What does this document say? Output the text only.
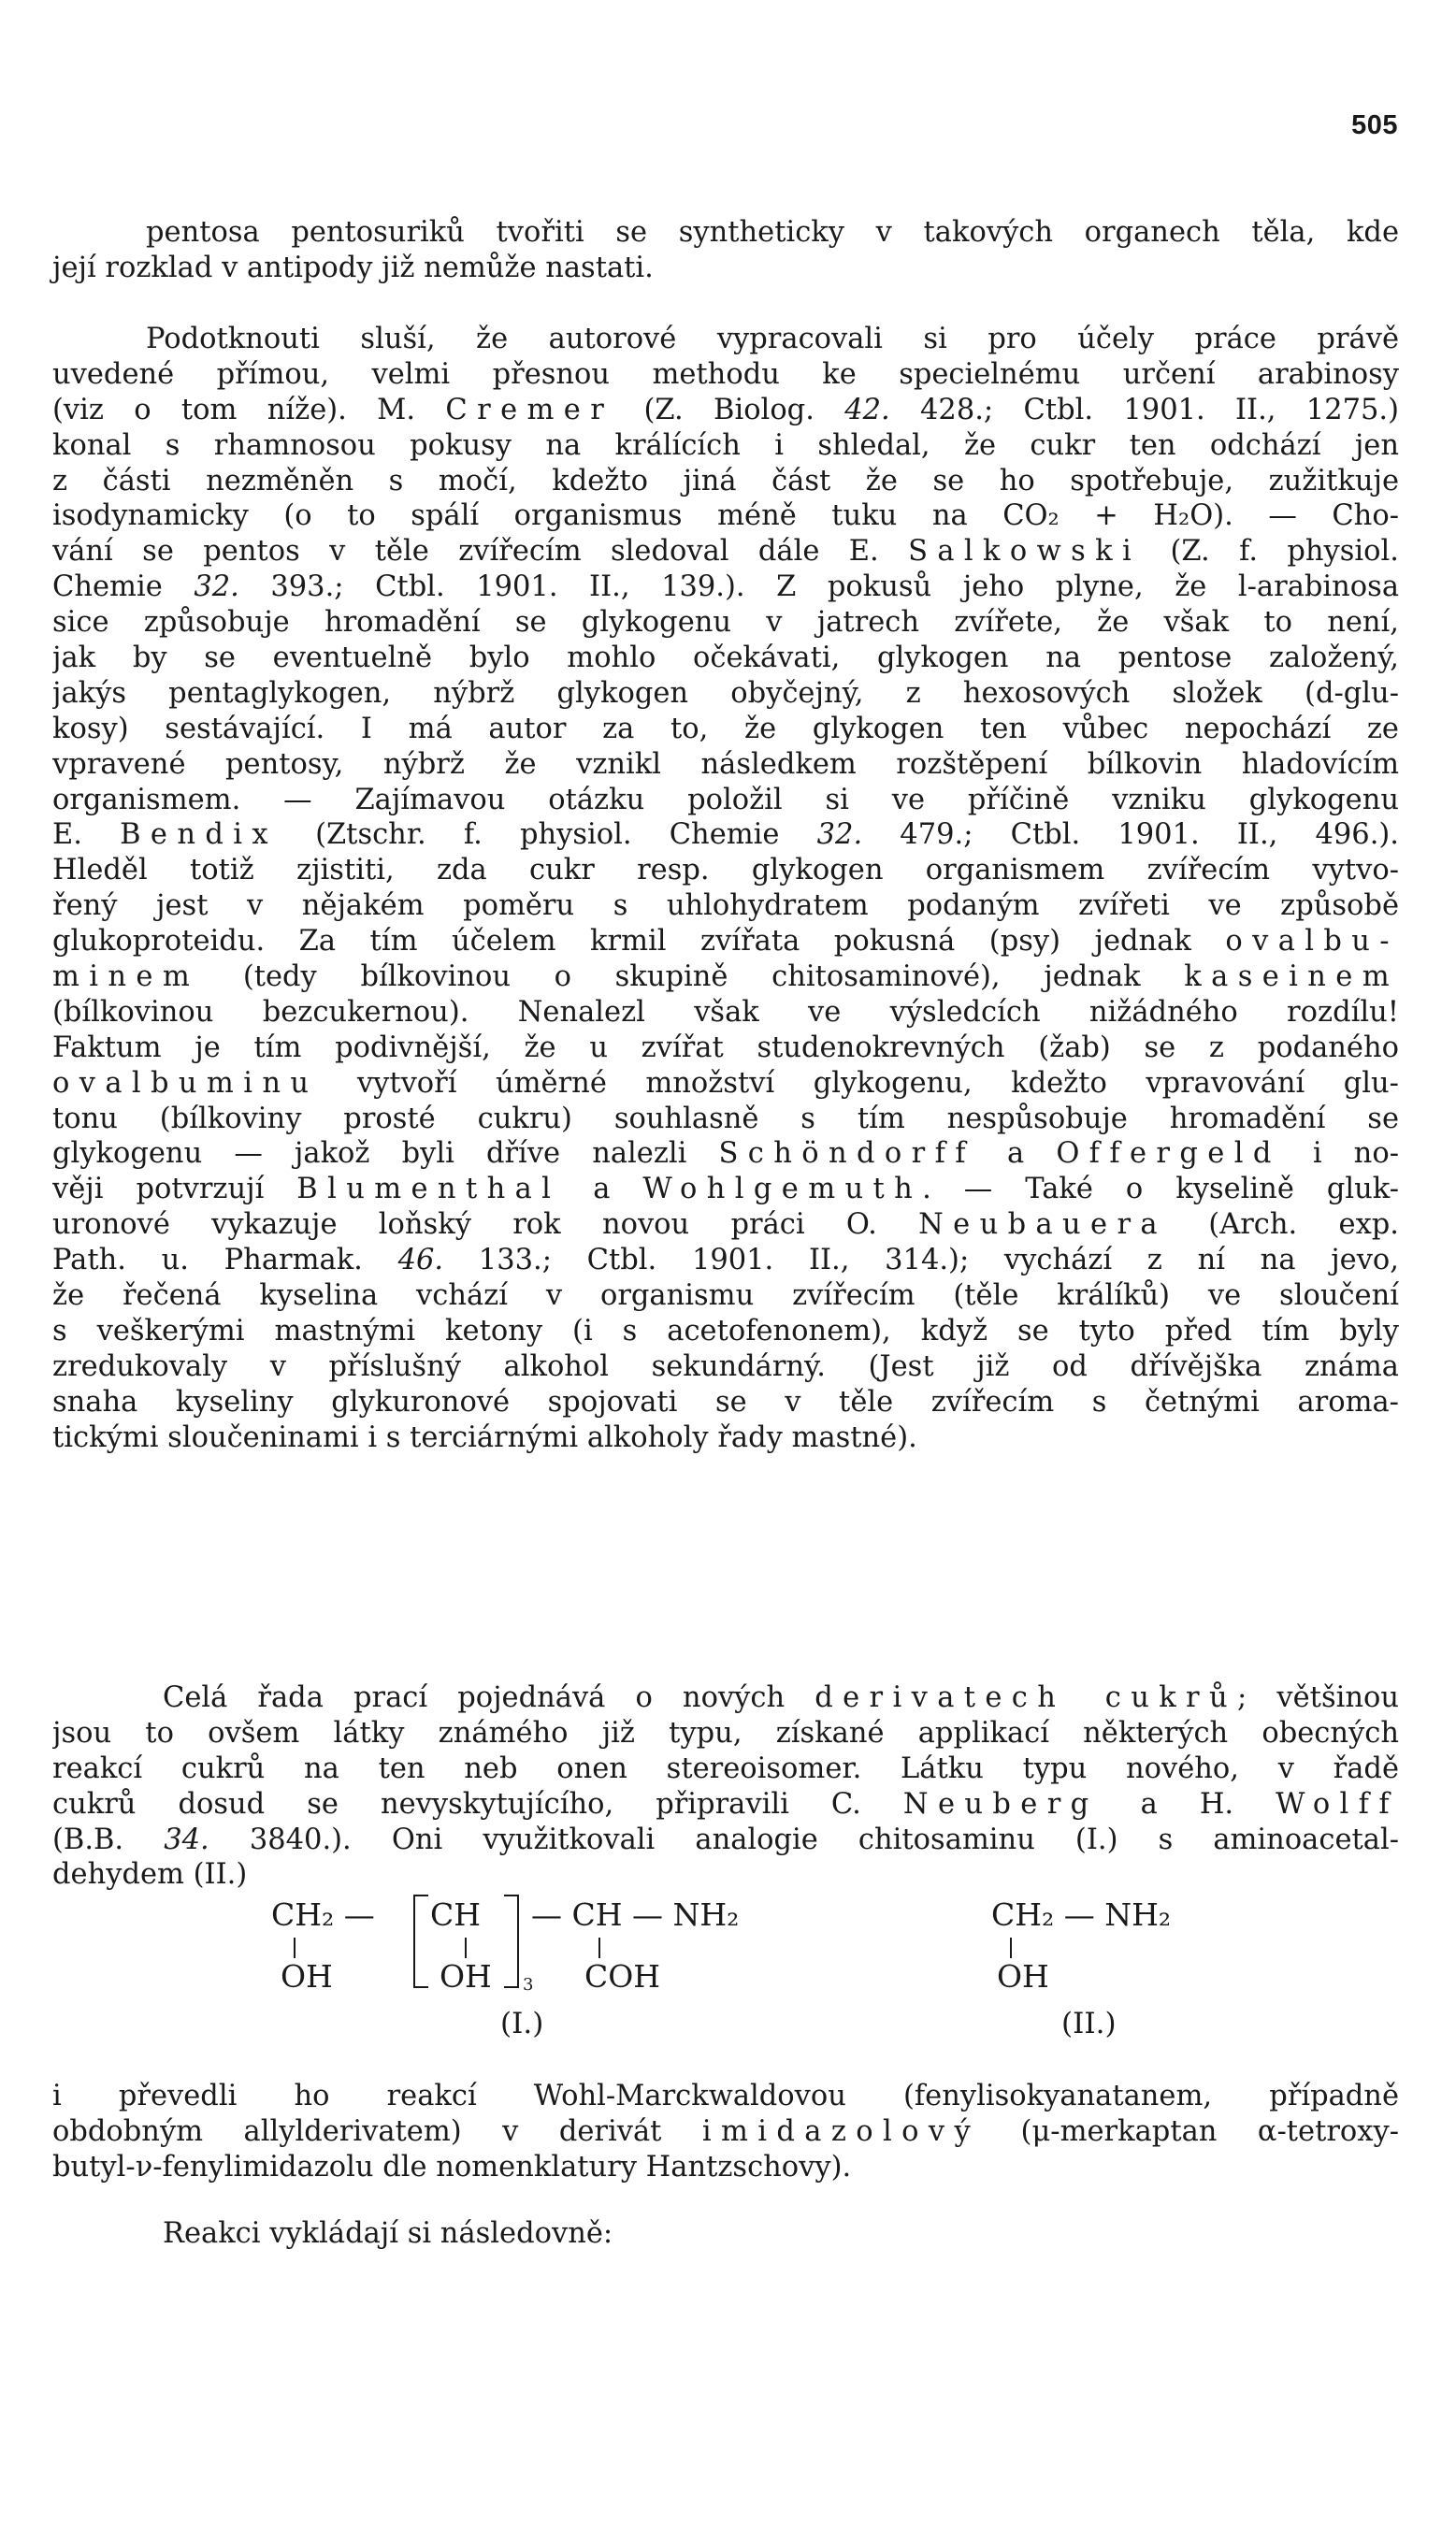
505
pentosa pentosuriků tvořiti se syntheticky v takových organech těla, kde
její rozklad v antipody již nemůže nastati.
Podotknouti sluší, že autorové vypracovali si pro účely práce právě
uvedené přímou, velmi přesnou methodu ke specielnému určení arabinosy
(viz o tom níže). M. Cremer (Z. Biolog. 42. 428.; Ctbl. 1901. II., 1275.)
konal s rhamnosou pokusy na králících i shledal, že cukr ten odchází jen
z části nezměněn s močí, kdežto jiná část že se ho spotřebuje, zužitkuje
isodynamicky (o to spálí organismus méně tuku na CO₂ + H₂O). — Cho-
vání se pentos v těle zvířecím sledoval dále E. Salkowski (Z. f. physiol.
Chemie 32. 393.; Ctbl. 1901. II., 139.). Z pokusů jeho plyne, že l-arabinosa
sice způsobuje hromadění se glykogenu v jatrech zvířete, že však to není,
jak by se eventuelně bylo mohlo očekávati, glykogen na pentose založený,
jakýs pentaglykogen, nýbrž glykogen obyčejný, z hexosových složek (d-glu-
kosy) sestávající. I má autor za to, že glykogen ten vůbec nepochází ze
vpravené pentosy, nýbrž že vznikl následkem rozštěpení bílkovin hladovícím
organismem. — Zajímavou otázku položil si ve příčině vzniku glykogenu
E. Bendix (Ztschr. f. physiol. Chemie 32. 479.; Ctbl. 1901. II., 496.).
Hleděl totiž zjistiti, zda cukr resp. glykogen organismem zvířecím vytvo-
řený jest v nějakém poměru s uhlohydratem podaným zvířeti ve způsobě
glukoproteidu. Za tím účelem krmil zvířata pokusná (psy) jednak ovalbu-
minem (tedy bílkovinou o skupině chitosaminové), jednak kaseinem
(bílkovinou bezcukernou). Nenalezl však ve výsledcích nižádného rozdílu!
Faktum je tím podivnější, že u zvířat studenokrevných (žab) se z podaného
ovalbuminu vytvoří úměrné množství glykogenu, kdežto vpravování glu-
tonu (bílkoviny prosté cukru) souhlasně s tím nespůsobuje hromadění se
glykogenu — jakož byli dříve nalezli Schöndorff a Offergeld i no-
věji potvrzují Blumenthal a Wohlgemuth. — Také o kyselině gluk-
uronové vykazuje loňský rok novou práci O. Neubauera (Arch. exp.
Path. u. Pharmak. 46. 133.; Ctbl. 1901. II., 314.); vychází z ní na jevo,
že řečená kyselina vchází v organismu zvířecím (těle králíků) ve sloučení
s veškerými mastnými ketony (i s acetofenonem), když se tyto před tím byly
zredukovaly v příslušný alkohol sekundárný. (Jest již od dřívějška známa
snaha kyseliny glykuronové spojovati se v těle zvířecím s četnými aroma-
tickými sloučeninami i s terciárnými alkoholy řady mastné).
Celá řada prací pojednává o nových derivatech cukrů; většinou
jsou to ovšem látky známého již typu, získané applikací některých obecných
reakcí cukrů na ten neb onen stereoisomer. Látku typu nového, v řadě
cukrů dosud se nevyskytujícího, připravili C. Neuberg a H. Wolff
(B.B. 34. 3840.). Oni využitkovali analogie chitosaminu (I.) s aminoacetal-
dehydem (II.)
CH₂ — CH — CH — NH₂
OH	OH 3 COH
(I.)
CH₂ — NH₂
OH
(II.)
i převedli ho reakcí Wohl-Marckwaldovou (fenylisokyanatanem, případně
obdobným allylderivatem) v derivát imidazolový (μ-merkaptan α-tetroxy-
butyl-ν-fenylimidazolu dle nomenklatury Hantzschovy).
Reakci vykládají si následovně:
